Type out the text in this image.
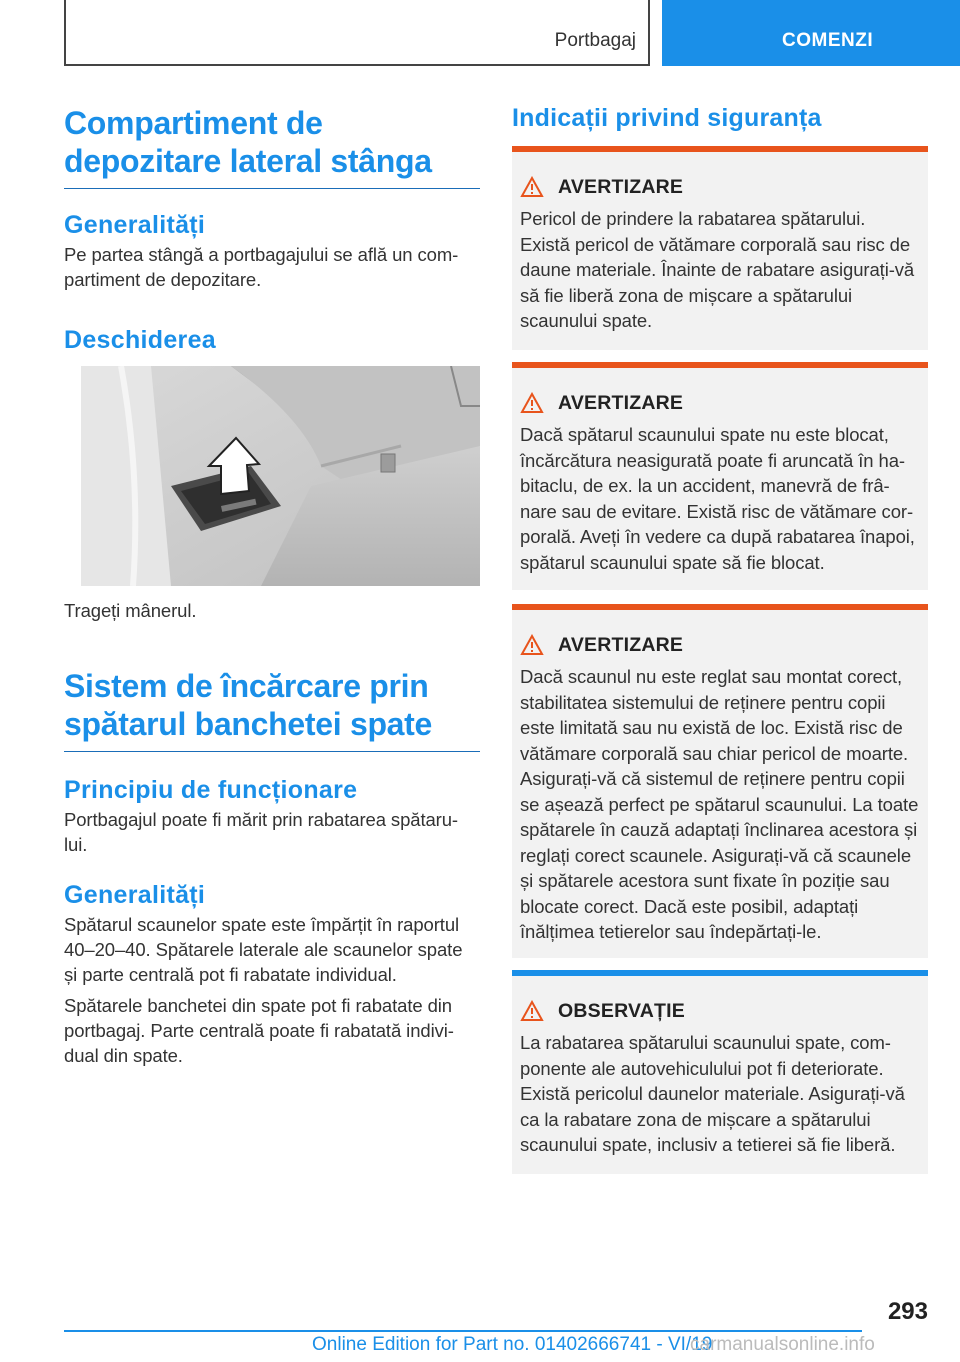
Portbagaj	COMENZI
Compartiment de depozitare lateral stânga
Generalități

Pe partea stângă a portbagajului se află un com-partiment de depozitare.

Deschiderea

Trageți mânerul.

Sistem de încărcare prin spătarul banchetei spate
Principiu de funcționare

Portbagajul poate fi mărit prin rabatarea spătaru-lui.

Generalități

Spătarul scaunelor spate este împărțit în raportul 40–20–40. Spătarele laterale ale scaunelor spate și parte centrală pot fi rabatate individual.

Spătarele banchetei din spate pot fi rabatate din portbagaj. Parte centrală poate fi rabatată indivi-dual din spate.

Indicații privind siguranța
AVERTIZARE
Pericol de prindere la rabatarea spătarului. Există pericol de vătămare corporală sau risc de daune materiale. Înainte de rabatare asigurați-vă să fie liberă zona de mișcare a spătarului scaunului spate.
AVERTIZARE
Dacă spătarul scaunului spate nu este blocat, încărcătura neasigurată poate fi aruncată în ha-bitaclu, de ex. la un accident, manevră de frâ-nare sau de evitare. Există risc de vătămare cor-porală. Aveți în vedere ca după rabatarea înapoi, spătarul scaunului spate să fie blocat.
AVERTIZARE
Dacă scaunul nu este reglat sau montat corect, stabilitatea sistemului de reținere pentru copii este limitată sau nu există de loc. Există risc de vătămare corporală sau chiar pericol de moarte. Asigurați-vă că sistemul de reținere pentru copii se așează perfect pe spătarul scaunului. La toate spătarele în cauză adaptați înclinarea acestora și reglați corect scaunele. Asigurați-vă că scaunele și spătarele acestora sunt fixate în poziție sau blocate corect. Dacă este posibil, adaptați înălțimea tetierelor sau îndepărtați-le.
OBSERVAȚIE
La rabatarea spătarului scaunului spate, com-ponente ale autovehiculului pot fi deteriorate. Există pericolul daunelor materiale. Asigurați-vă ca la rabatare zona de mișcare a spătarului scaunului spate, inclusiv a tetierei să fie liberă.
293
Online Edition for Part no. 01402666741 - VI/19
carmanualsonline.info
